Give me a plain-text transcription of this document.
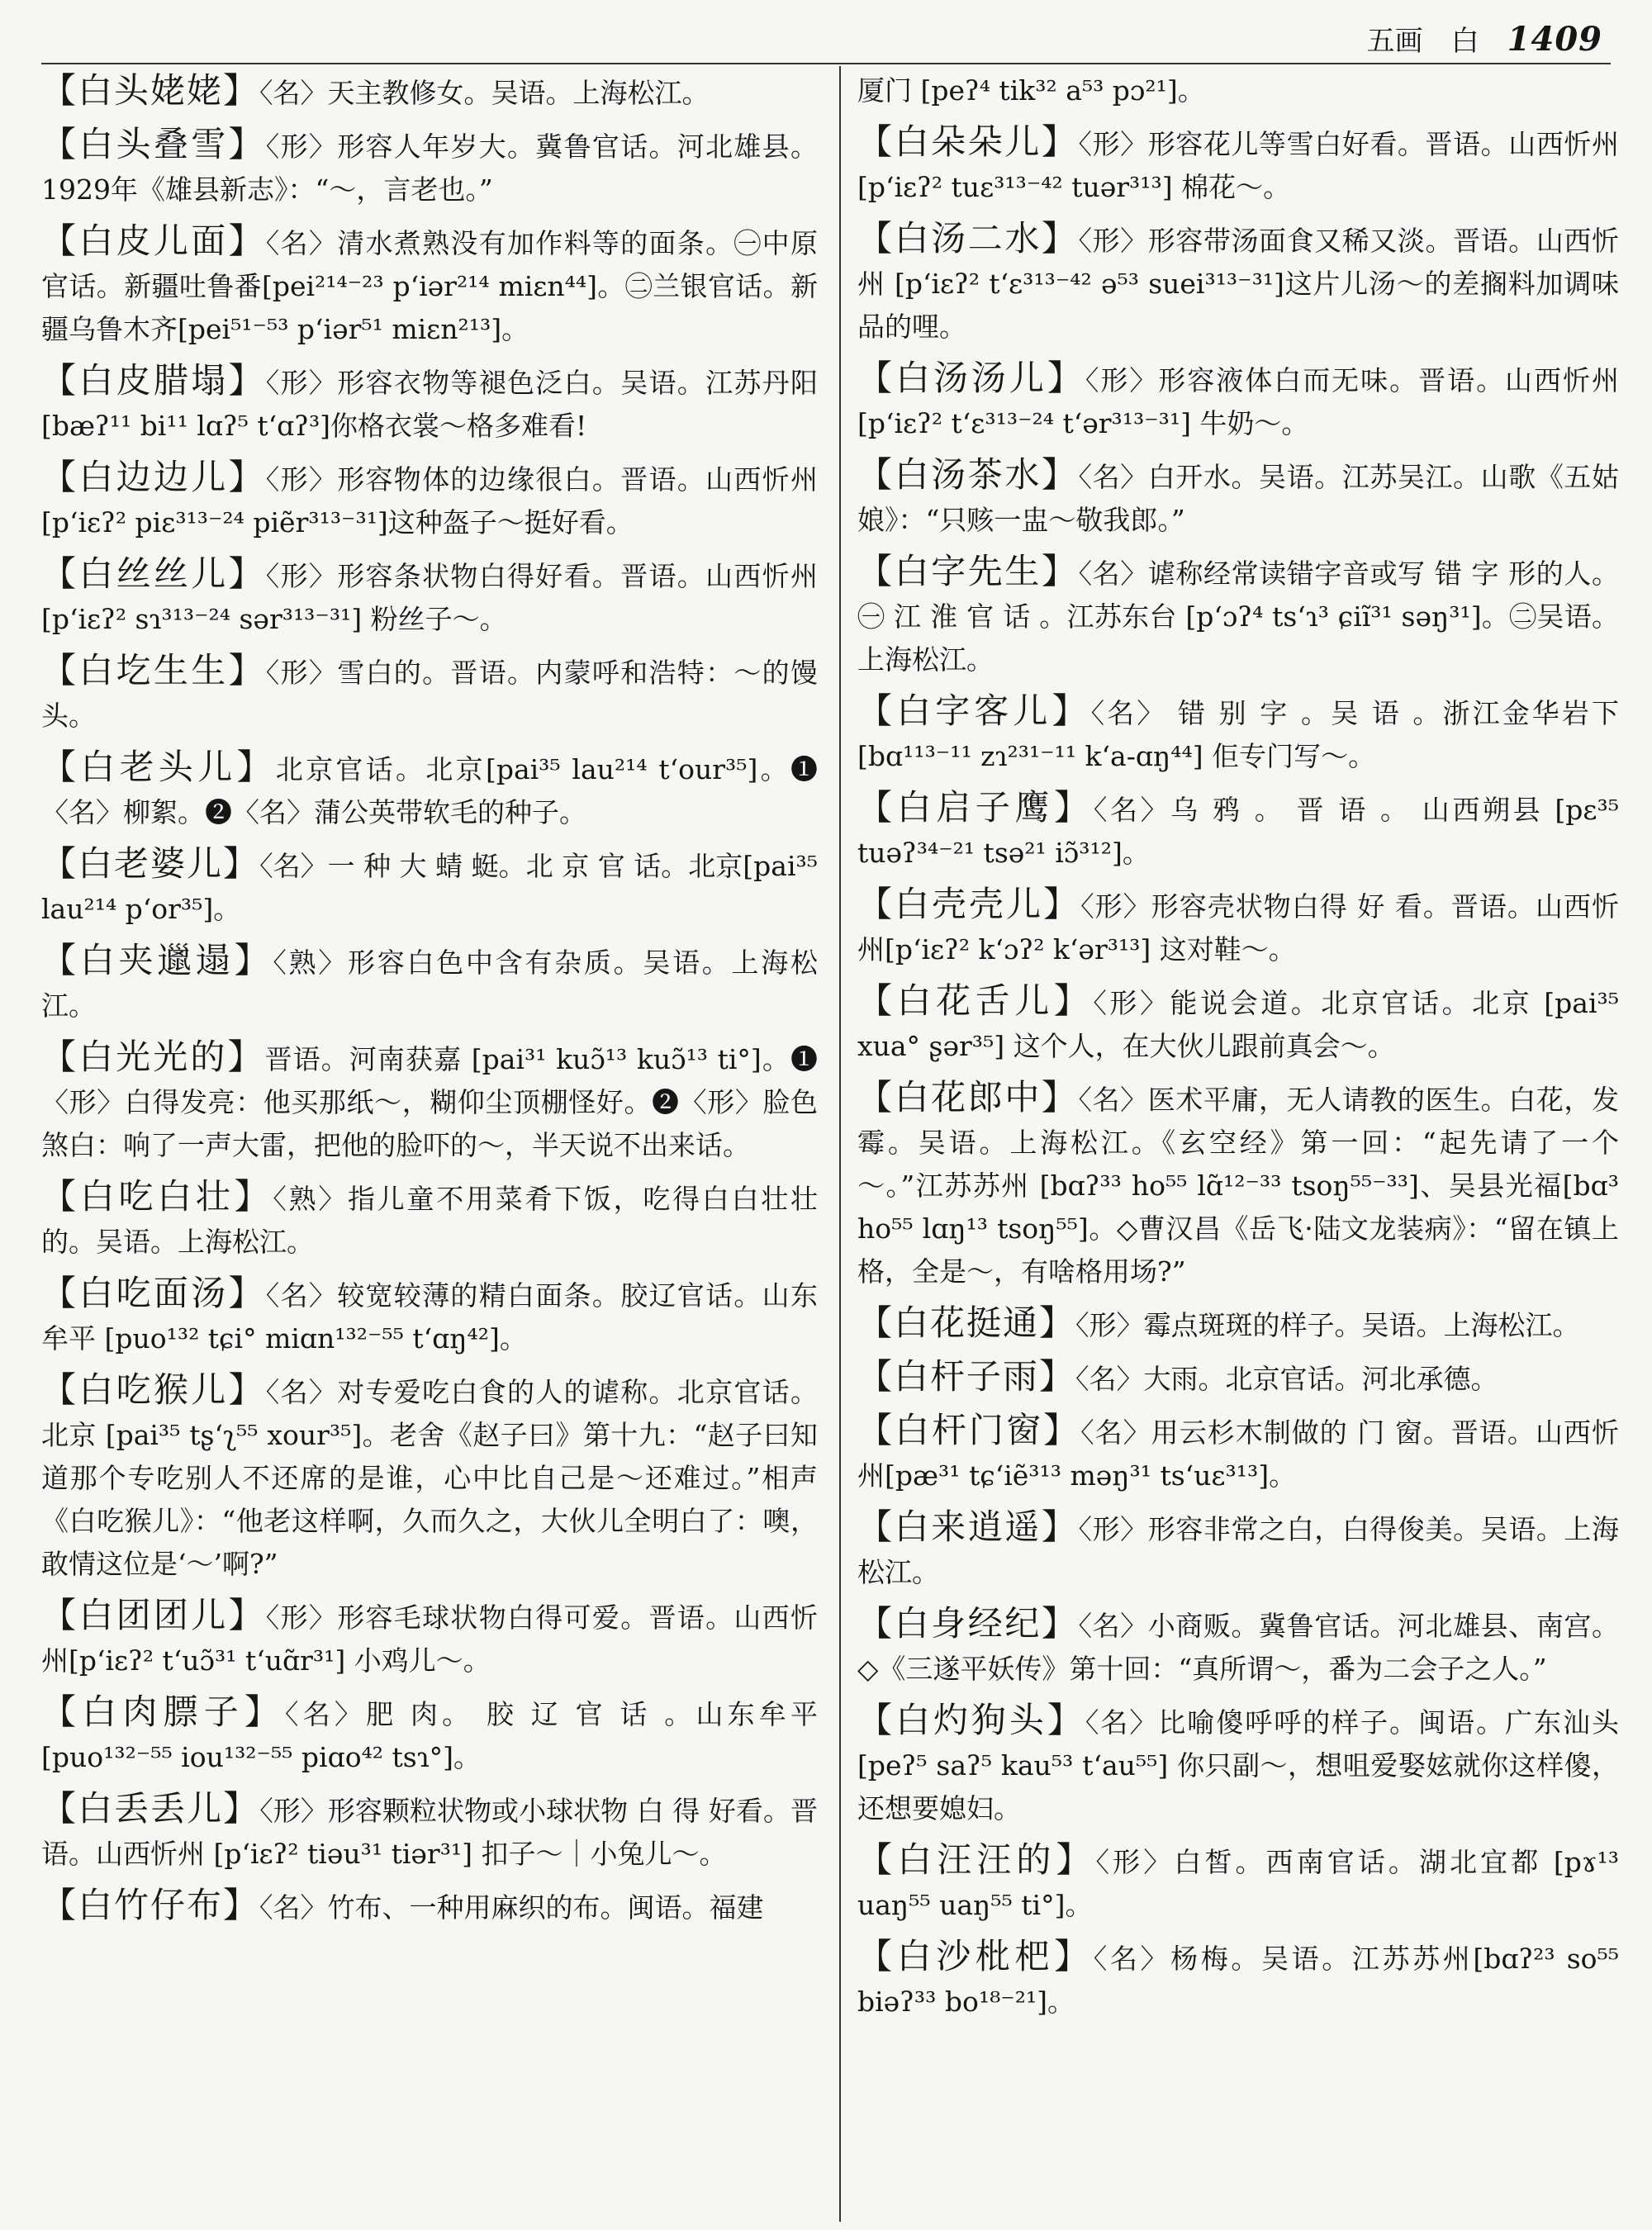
五画 白 1409

【白头姥姥】〈名〉天主教修女。吴语。上海松江。

【白头叠雪】〈形〉形容人年岁大。冀鲁官话。河北雄县。1929年《雄县新志》：“～，言老也。”

【白皮儿面】〈名〉清水煮熟没有加作料等的面条。㊀中原官话。新疆吐鲁番[pei²¹⁴⁻²³ p‘iər²¹⁴ miεn⁴⁴]。㊁兰银官话。新疆乌鲁木齐[pei⁵¹⁻⁵³ p‘iər⁵¹ miεn²¹³]。

【白皮腊塌】〈形〉形容衣物等褪色泛白。吴语。江苏丹阳 [bæʔ¹¹ bi¹¹ lɑʔ⁵ t‘ɑʔ³]你格衣裳～格多难看!

【白边边儿】〈形〉形容物体的边缘很白。晋语。山西忻州[p‘iεʔ² piε³¹³⁻²⁴ piẽr³¹³⁻³¹]这种盔子～挺好看。

【白丝丝儿】〈形〉形容条状物白得好看。晋语。山西忻州 [p‘iεʔ² sɿ³¹³⁻²⁴ sər³¹³⁻³¹] 粉丝子～。

【白圪生生】〈形〉雪白的。晋语。内蒙呼和浩特：～的馒头。

【白老头儿】北京官话。北京[pai³⁵ lau²¹⁴ t‘our³⁵]。❶〈名〉柳絮。❷〈名〉蒲公英带软毛的种子。

【白老婆儿】〈名〉一 种 大 蜻 蜓。北 京 官 话。北京[pai³⁵ lau²¹⁴ p‘or³⁵]。

【白夹邋遢】〈熟〉形容白色中含有杂质。吴语。上海松江。

【白光光的】晋语。河南获嘉 [pai³¹ kuɔ̃¹³ kuɔ̃¹³ ti°]。❶〈形〉白得发亮：他买那纸～，糊仰尘顶棚怪好。❷〈形〉脸色煞白：响了一声大雷，把他的脸吓的～，半天说不出来话。

【白吃白壮】〈熟〉指儿童不用菜肴下饭，吃得白白壮壮的。吴语。上海松江。

【白吃面汤】〈名〉较宽较薄的精白面条。胶辽官话。山东牟平 [puo¹³² tɕi° miɑn¹³²⁻⁵⁵ t‘ɑŋ⁴²]。

【白吃猴儿】〈名〉对专爱吃白食的人的谑称。北京官话。北京 [pai³⁵ tʂ‘ʅ⁵⁵ xour³⁵]。老舍《赵子曰》第十九：“赵子曰知道那个专吃别人不还席的是谁，心中比自己是～还难过。”相声《白吃猴儿》：“他老这样啊，久而久之，大伙儿全明白了：噢，敢情这位是‘～’啊?”

【白团团儿】〈形〉形容毛球状物白得可爱。晋语。山西忻州[p‘iεʔ² t‘uɔ̃³¹ t‘uɑ̃r³¹] 小鸡儿～。

【白肉膘子】〈名〉肥 肉。 胶 辽 官 话 。山东牟平 [puo¹³²⁻⁵⁵ iou¹³²⁻⁵⁵ piɑo⁴² tsɿ°]。

【白丢丢儿】〈形〉形容颗粒状物或小球状物 白 得 好看。晋语。山西忻州 [p‘iεʔ² tiəu³¹ tiər³¹] 扣子～｜小兔儿～。

【白竹仔布】〈名〉竹布、一种用麻织的布。闽语。福建

厦门 [peʔ⁴ tik³² a⁵³ pɔ²¹]。

【白朵朵儿】〈形〉形容花儿等雪白好看。晋语。山西忻州 [p‘iεʔ² tuε³¹³⁻⁴² tuər³¹³] 棉花～。

【白汤二水】〈形〉形容带汤面食又稀又淡。晋语。山西忻州 [p‘iεʔ² t‘ε³¹³⁻⁴² ə⁵³ suei³¹³⁻³¹]这片儿汤～的差搁料加调味品的哩。

【白汤汤儿】〈形〉形容液体白而无味。晋语。山西忻州 [p‘iεʔ² t‘ε³¹³⁻²⁴ t‘ər³¹³⁻³¹] 牛奶～。

【白汤茶水】〈名〉白开水。吴语。江苏吴江。山歌《五姑娘》：“只赅一盅～敬我郎。”

【白字先生】〈名〉谑称经常读错字音或写 错 字 形的人。 ㊀ 江 淮 官 话 。江苏东台 [p‘ɔʔ⁴ ts‘ɿ³ ɕiĩ³¹ səŋ³¹]。㊁吴语。 上海松江。

【白字客儿】〈名〉 错 别 字 。吴 语 。浙江金华岩下 [bɑ¹¹³⁻¹¹ zɿ²³¹⁻¹¹ k‘a-ɑŋ⁴⁴] 佢专门写～。

【白启子鹰】〈名〉乌 鸦 。 晋 语 。 山西朔县 [pε³⁵ tuəʔ³⁴⁻²¹ tsə²¹ iɔ̃³¹²]。

【白壳壳儿】〈形〉形容壳状物白得 好 看。晋语。山西忻州[p‘iεʔ² k‘ɔʔ² k‘ər³¹³] 这对鞋～。

【白花舌儿】〈形〉能说会道。北京官话。北京 [pai³⁵ xua° ʂər³⁵] 这个人，在大伙儿跟前真会～。

【白花郎中】〈名〉医术平庸，无人请教的医生。白花，发霉。吴语。上海松江。《玄空经》第一回：“起先请了一个～。”江苏苏州 [bɑʔ³³ ho⁵⁵ lɑ̃¹²⁻³³ tsoŋ⁵⁵⁻³³]、吴县光福[bɑ³ ho⁵⁵ lɑŋ¹³ tsoŋ⁵⁵]。◇曹汉昌《岳飞·陆文龙装病》：“留在镇上格，全是～，有啥格用场?”

【白花挺通】〈形〉霉点斑斑的样子。吴语。上海松江。

【白杆子雨】〈名〉大雨。北京官话。河北承德。

【白杆门窗】〈名〉用云杉木制做的 门 窗。晋语。山西忻州[pæ³¹ tɕ‘iẽ³¹³ məŋ³¹ ts‘uε³¹³]。

【白来逍遥】〈形〉形容非常之白，白得俊美。吴语。上海松江。

【白身经纪】〈名〉小商贩。冀鲁官话。河北雄县、南宫。◇《三遂平妖传》第十回：“真所谓～，番为二会子之人。”

【白灼狗头】〈名〉比喻傻呼呼的样子。闽语。广东汕头 [peʔ⁵ saʔ⁵ kau⁵³ t‘au⁵⁵] 你只副～，想咀爱娶妶就你这样傻，还想要媳妇。

【白汪汪的】〈形〉白皙。西南官话。湖北宜都 [pɤ¹³ uaŋ⁵⁵ uaŋ⁵⁵ ti°]。

【白沙枇杷】〈名〉杨梅。吴语。江苏苏州[bɑʔ²³ so⁵⁵ biəʔ³³ bo¹⁸⁻²¹]。
